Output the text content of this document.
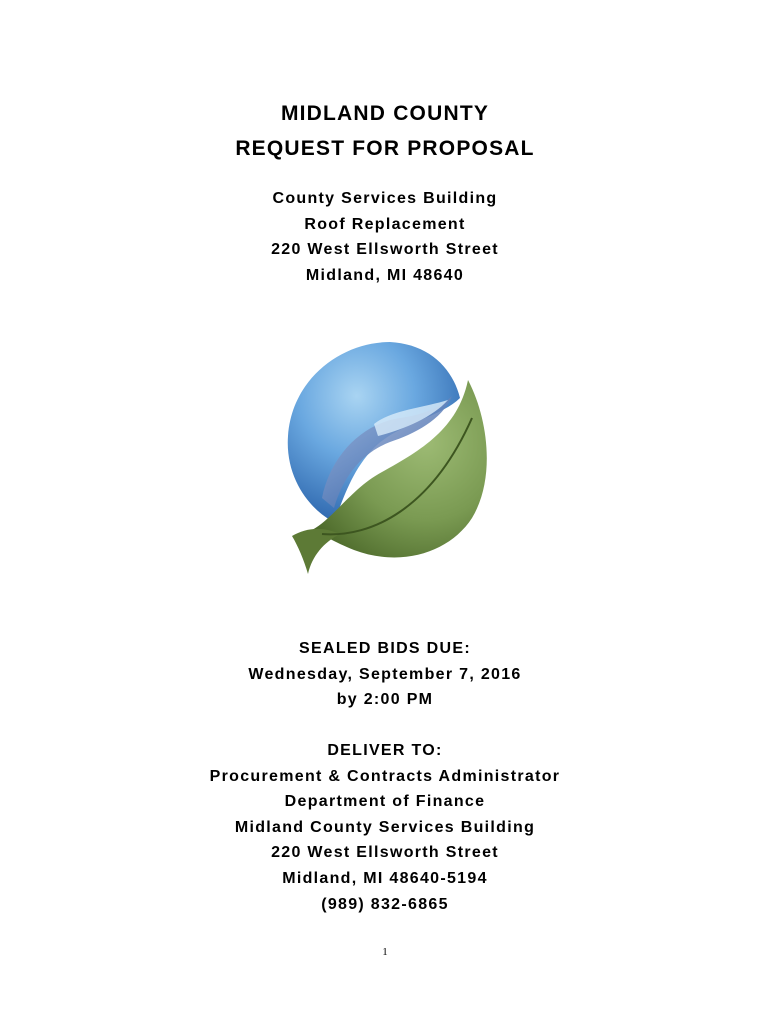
MIDLAND COUNTY
REQUEST FOR PROPOSAL
County Services Building
Roof Replacement
220 West Ellsworth Street
Midland, MI 48640
SEALED BIDS DUE:
Wednesday, September 7, 2016
by 2:00 PM
DELIVER TO:
Procurement & Contracts Administrator
Department of Finance
Midland County Services Building
220 West Ellsworth Street
Midland, MI 48640-5194
(989) 832-6865
1
